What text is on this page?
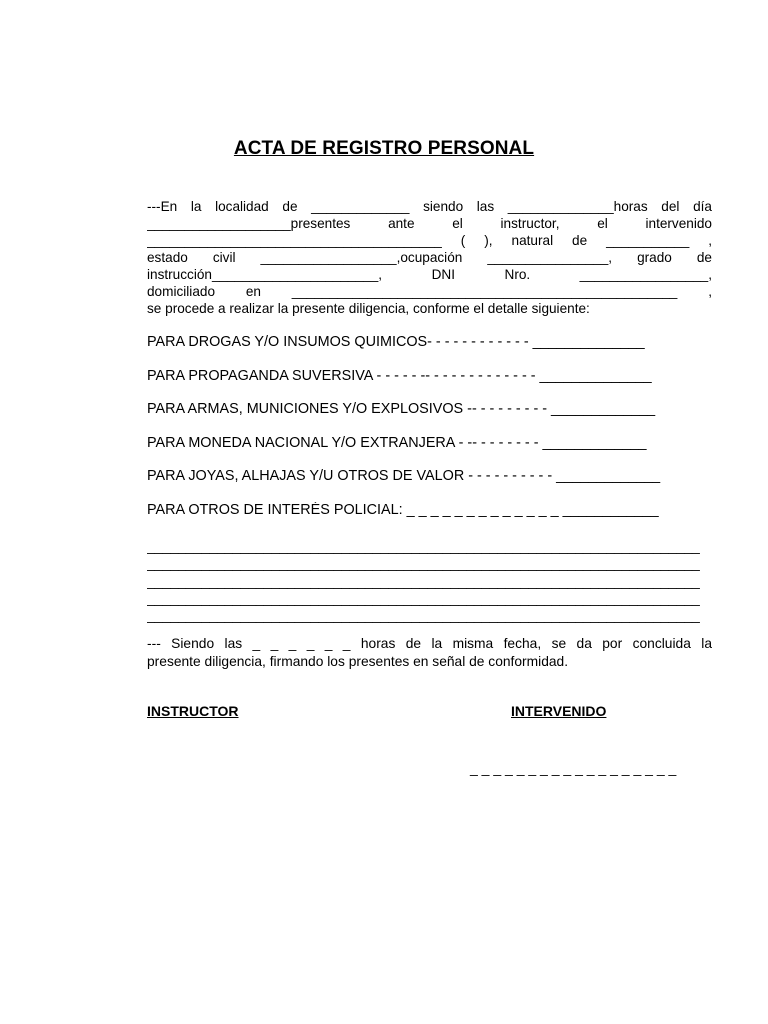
ACTA DE REGISTRO PERSONAL
---En la localidad de _____________ siendo las ______________horas del día
___________________presentes ante el instructor, el intervenido
_______________________________________ ( ), natural de ___________ ,
estado civil __________________,ocupación ________________, grado de
instrucción______________________, DNI Nro. _________________,
domiciliado en ___________________________________________________ ,
se procede a realizar la presente diligencia, conforme el detalle siguiente:
PARA DROGAS Y/O INSUMOS QUIMICOS- - - - - - - - - - - - ______________
PARA PROPAGANDA SUVERSIVA - - - - - -- - - - - - - - - - - - - ______________
PARA ARMAS, MUNICIONES Y/O EXPLOSIVOS -- - - - - - - - - _____________
PARA MONEDA NACIONAL Y/O EXTRANJERA - -- - - - - - - - _____________
PARA JOYAS, ALHAJAS Y/U OTROS DE VALOR - - - - - - - - - - _____________
PARA OTROS DE INTERÉS POLICIAL: _ _ _ _ _ _ _ _ _ _ _ _ _ ____________
_______________________________________________________________________
_______________________________________________________________________
_______________________________________________________________________
_______________________________________________________________________
_______________________________________________________________________
--- Siendo las _ _ _ _ _ _ horas de la misma fecha, se da por concluida la
presente diligencia, firmando los presentes en señal de conformidad.
INSTRUCTOR	INTERVENIDO
_ _ _ _ _ _ _ _ _ _ _ _ _ _ _ _ _ _
